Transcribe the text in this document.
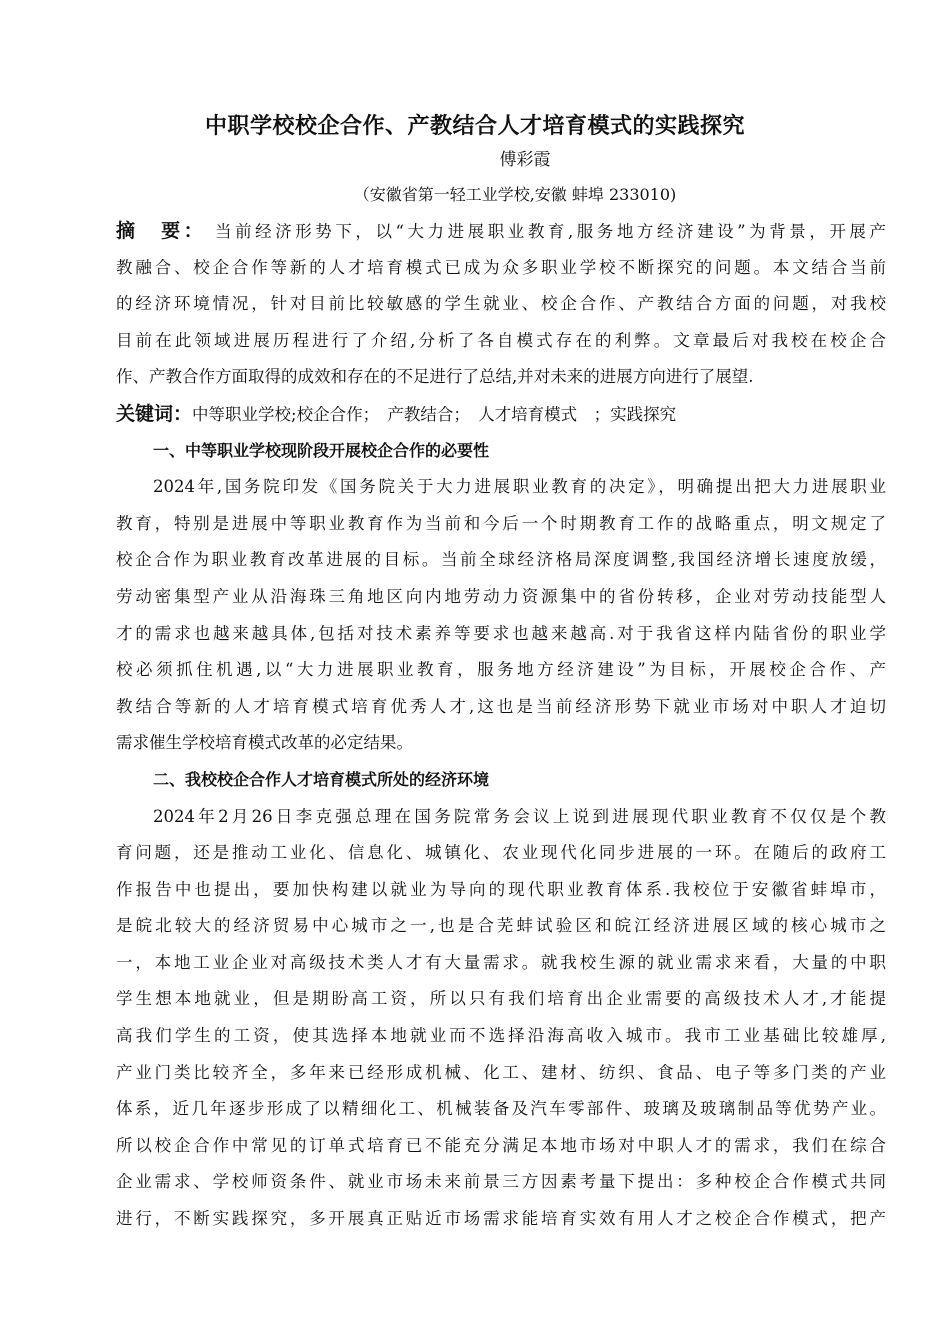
中职学校校企合作、产教结合人才培育模式的实践探究
傅彩霞
（安徽省第一轻工业学校,安徽 蚌埠 233010)
摘　要： 当前经济形势下，以“大力进展职业教育,服务地方经济建设”为背景，开展产
教融合、校企合作等新的人才培育模式已成为众多职业学校不断探究的问题。本文结合当前
的经济环境情况，针对目前比较敏感的学生就业、校企合作、产教结合方面的问题，对我校
目前在此领域进展历程进行了介绍,分析了各自模式存在的利弊。文章最后对我校在校企合
作、产教合作方面取得的成效和存在的不足进行了总结,并对未来的进展方向进行了展望.
关键词：中等职业学校;校企合作；　产教结合；　人才培育模式　；实践探究
一、中等职业学校现阶段开展校企合作的必要性
2024年,国务院印发《国务院关于大力进展职业教育的决定》，明确提出把大力进展职业
教育，特别是进展中等职业教育作为当前和今后一个时期教育工作的战略重点，明文规定了
校企合作为职业教育改革进展的目标。当前全球经济格局深度调整,我国经济增长速度放缓，
劳动密集型产业从沿海珠三角地区向内地劳动力资源集中的省份转移，企业对劳动技能型人
才的需求也越来越具体,包括对技术素养等要求也越来越高.对于我省这样内陆省份的职业学
校必须抓住机遇,以“大力进展职业教育，服务地方经济建设”为目标，开展校企合作、产
教结合等新的人才培育模式培育优秀人才,这也是当前经济形势下就业市场对中职人才迫切
需求催生学校培育模式改革的必定结果。
二、我校校企合作人才培育模式所处的经济环境
2024年2月26日李克强总理在国务院常务会议上说到进展现代职业教育不仅仅是个教
育问题，还是推动工业化、信息化、城镇化、农业现代化同步进展的一环。在随后的政府工
作报告中也提出，要加快构建以就业为导向的现代职业教育体系.我校位于安徽省蚌埠市，
是皖北较大的经济贸易中心城市之一,也是合芜蚌试验区和皖江经济进展区域的核心城市之
一，本地工业企业对高级技术类人才有大量需求。就我校生源的就业需求来看，大量的中职
学生想本地就业，但是期盼高工资，所以只有我们培育出企业需要的高级技术人才,才能提
高我们学生的工资，使其选择本地就业而不选择沿海高收入城市。我市工业基础比较雄厚,
产业门类比较齐全，多年来已经形成机械、化工、建材、纺织、食品、电子等多门类的产业
体系，近几年逐步形成了以精细化工、机械装备及汽车零部件、玻璃及玻璃制品等优势产业。
所以校企合作中常见的订单式培育已不能充分满足本地市场对中职人才的需求，我们在综合
企业需求、学校师资条件、就业市场未来前景三方因素考量下提出：多种校企合作模式共同
进行，不断实践探究，多开展真正贴近市场需求能培育实效有用人才之校企合作模式，把产
